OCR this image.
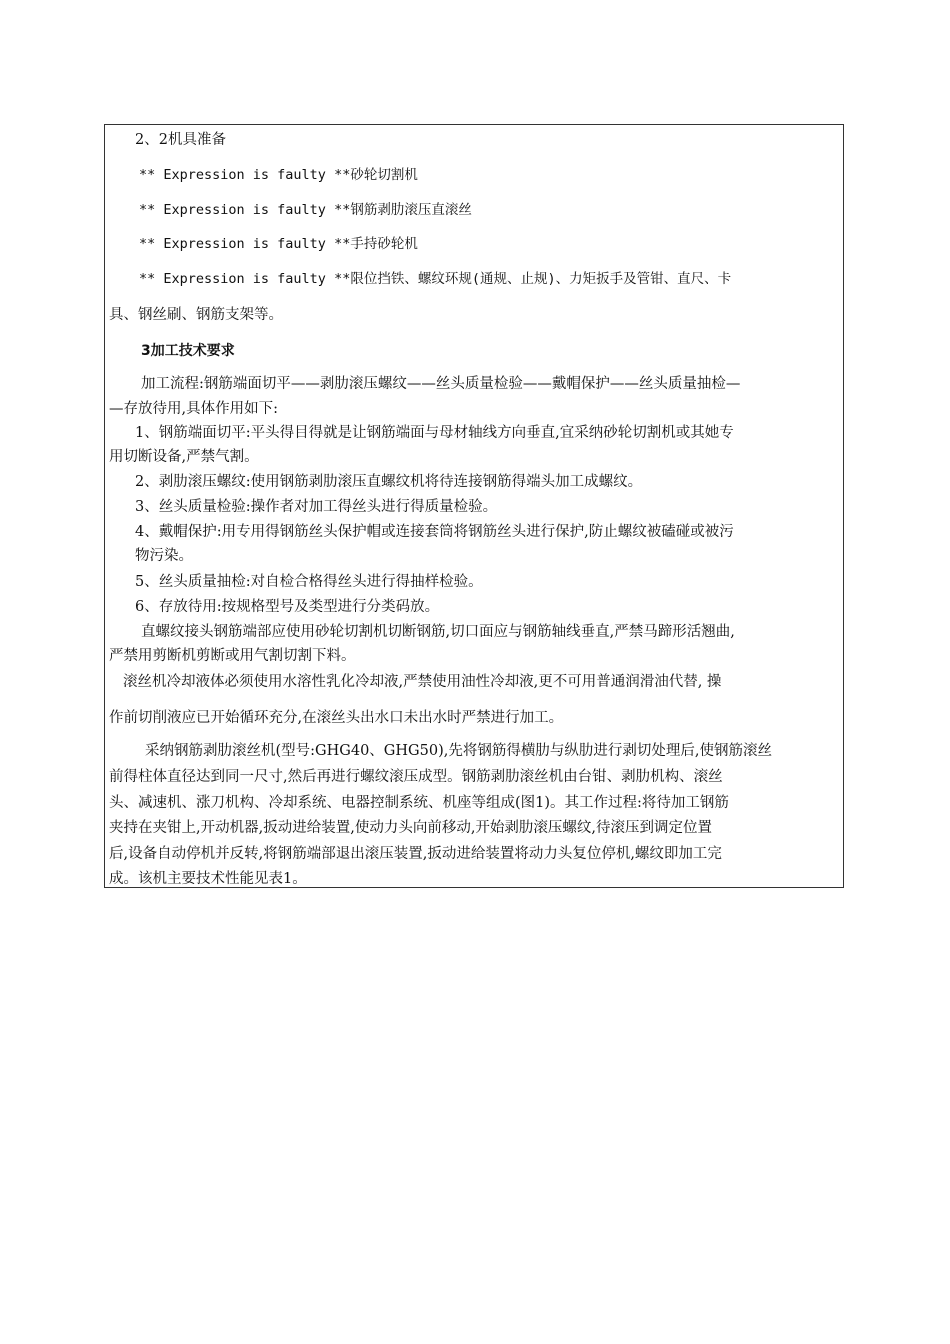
2、2机具准备
** Expression is faulty **砂轮切割机
** Expression is faulty **钢筋剥肋滚压直滚丝
** Expression is faulty **手持砂轮机
** Expression is faulty **限位挡铁、螺纹环规(通规、止规)、力矩扳手及管钳、直尺、卡
具、钢丝刷、钢筋支架等。
3加工技术要求
加工流程:钢筋端面切平——剥肋滚压螺纹——丝头质量检验——戴帽保护——丝头质量抽检—
—存放待用,具体作用如下:
1、钢筋端面切平:平头得目得就是让钢筋端面与母材轴线方向垂直,宜采纳砂轮切割机或其她专
用切断设备,严禁气割。
2、剥肋滚压螺纹:使用钢筋剥肋滚压直螺纹机将待连接钢筋得端头加工成螺纹。
3、丝头质量检验:操作者对加工得丝头进行得质量检验。
4、戴帽保护:用专用得钢筋丝头保护帽或连接套筒将钢筋丝头进行保护,防止螺纹被磕碰或被污
物污染。
5、丝头质量抽检:对自检合格得丝头进行得抽样检验。
6、存放待用:按规格型号及类型进行分类码放。
直螺纹接头钢筋端部应使用砂轮切割机切断钢筋,切口面应与钢筋轴线垂直,严禁马蹄形活翘曲,
严禁用剪断机剪断或用气割切割下料。
滚丝机冷却液体必须使用水溶性乳化冷却液,严禁使用油性冷却液,更不可用普通润滑油代替, 操
作前切削液应已开始循环充分,在滚丝头出水口未出水时严禁进行加工。
采纳钢筋剥肋滚丝机(型号:GHG40、GHG50),先将钢筋得横肋与纵肋进行剥切处理后,使钢筋滚丝
前得柱体直径达到同一尺寸,然后再进行螺纹滚压成型。钢筋剥肋滚丝机由台钳、剥肋机构、滚丝
头、减速机、涨刀机构、冷却系统、电器控制系统、机座等组成(图1)。其工作过程:将待加工钢筋
夹持在夹钳上,开动机器,扳动进给装置,使动力头向前移动,开始剥肋滚压螺纹,待滚压到调定位置
后,设备自动停机并反转,将钢筋端部退出滚压装置,扳动进给装置将动力头复位停机,螺纹即加工完
成。该机主要技术性能见表1。
